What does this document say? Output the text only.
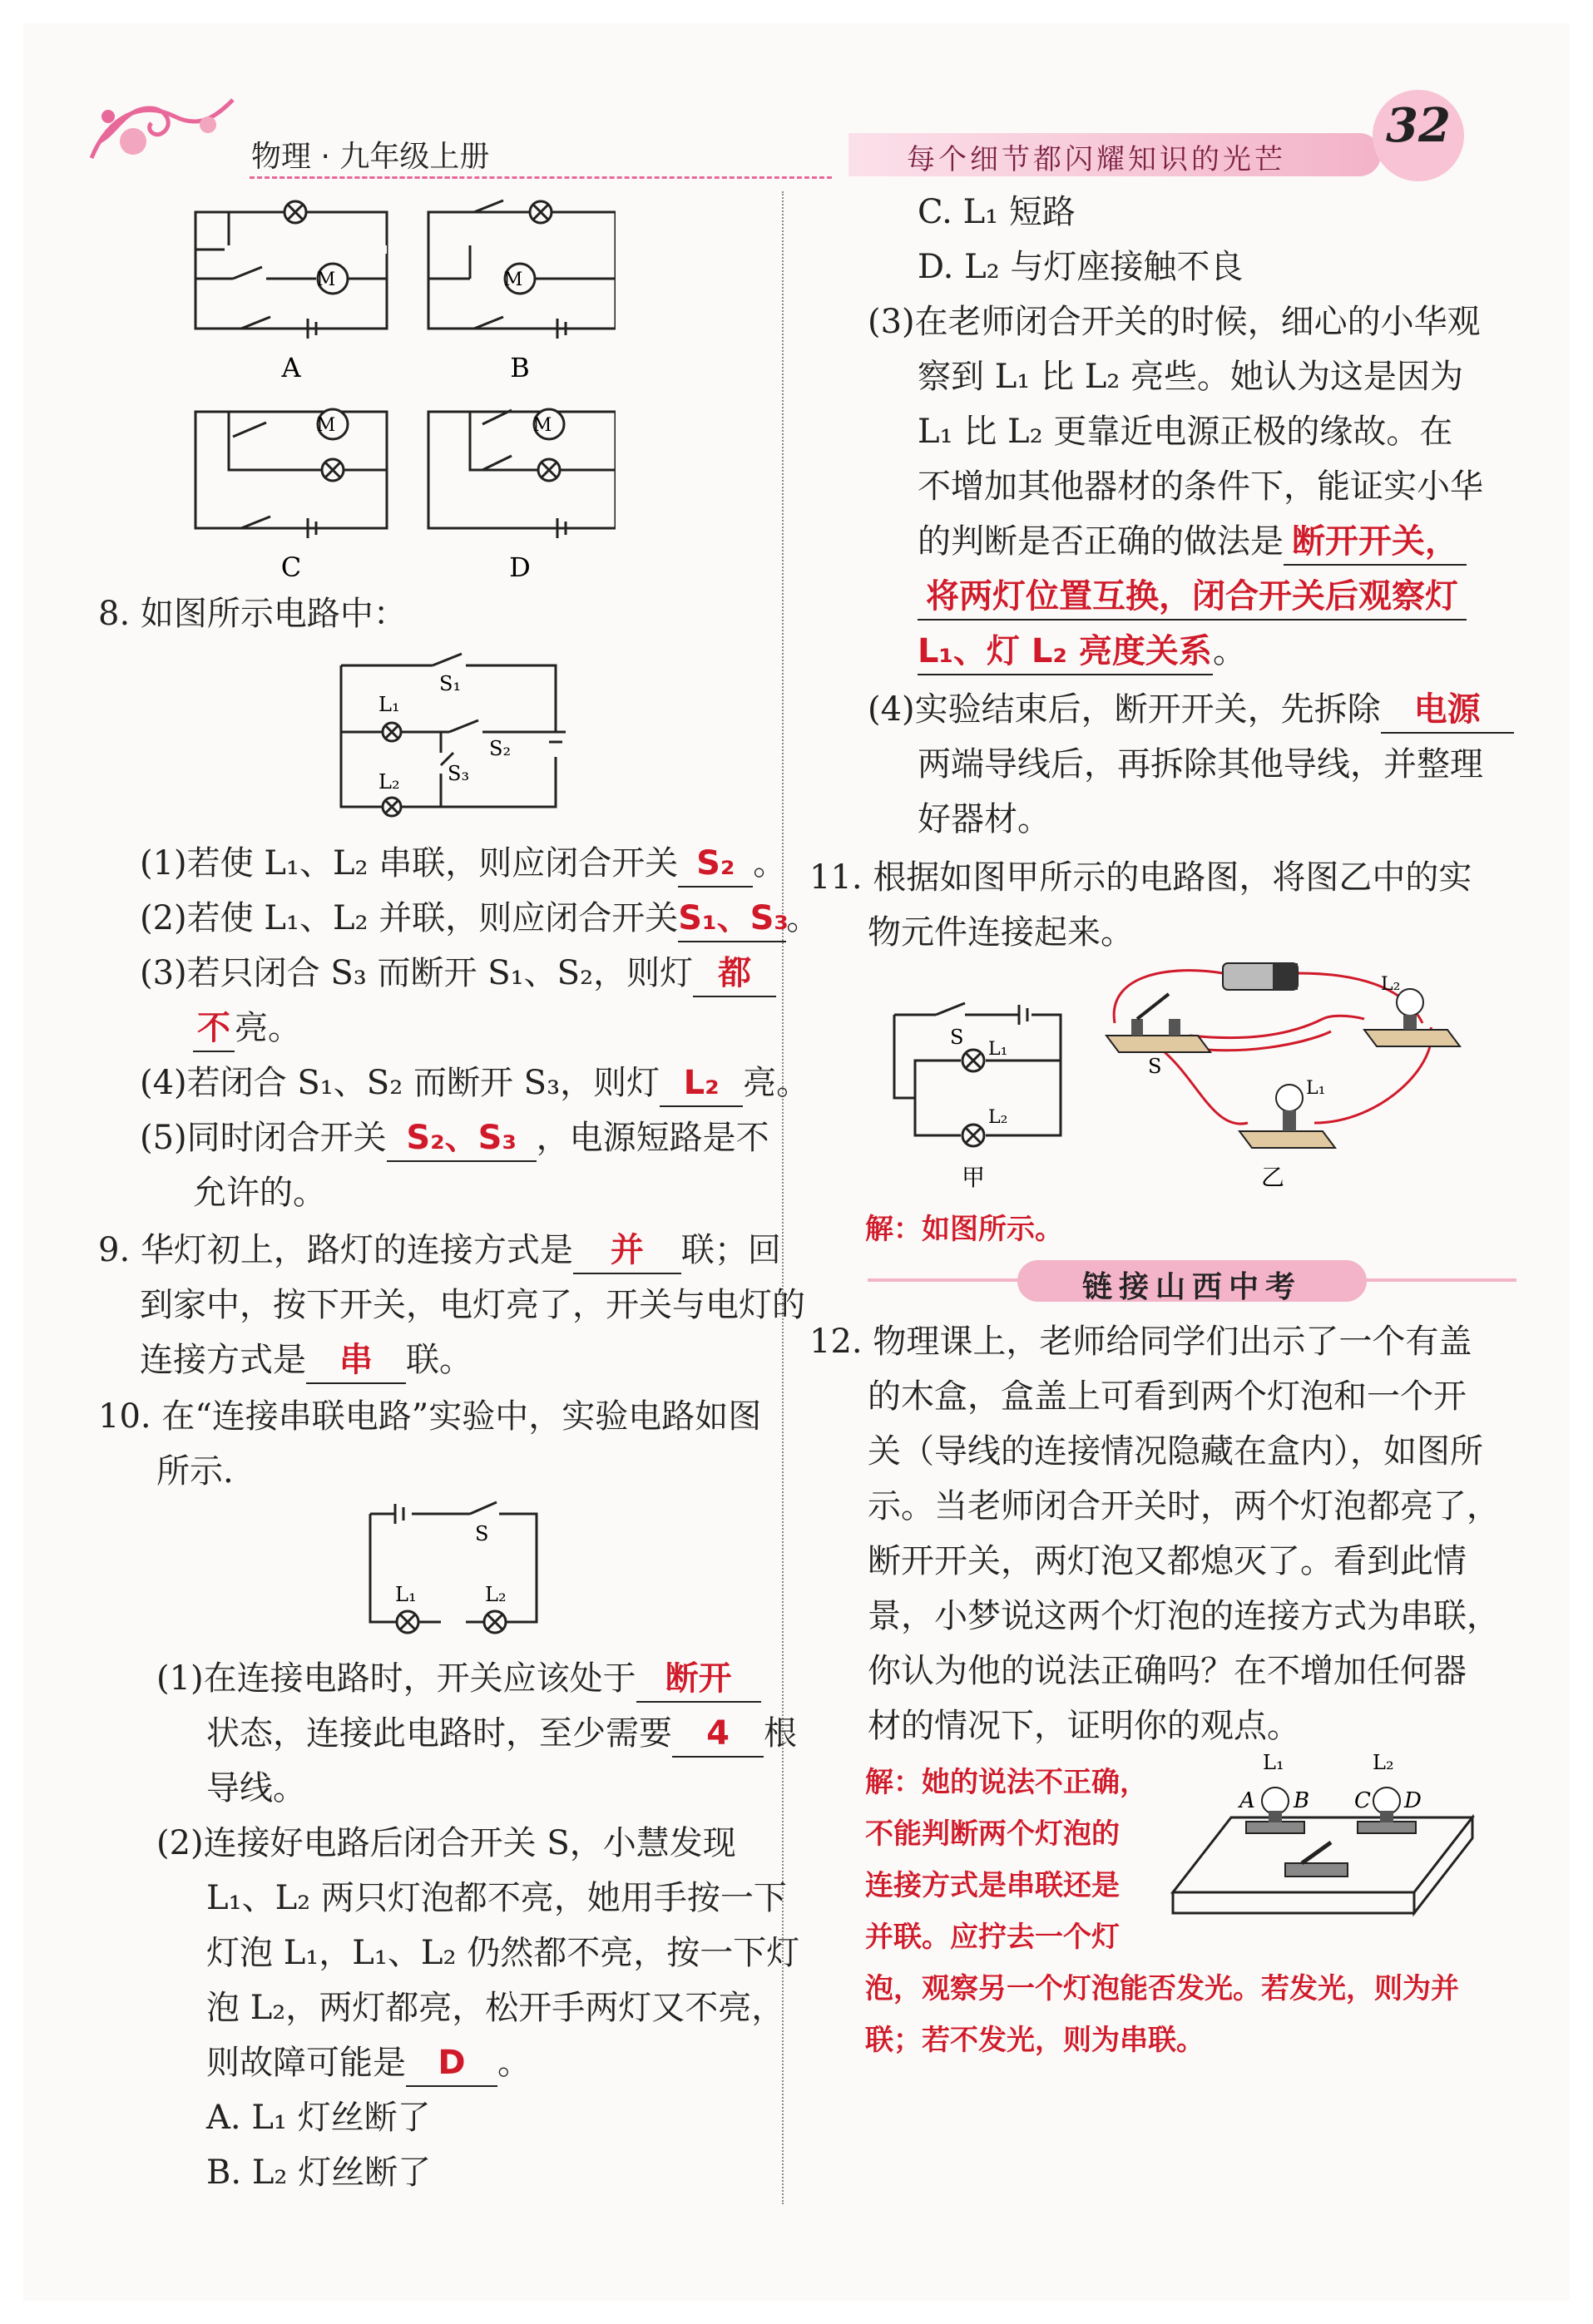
物理 · 九年级上册	每个细节都闪耀知识的光芒
32
M
A
M
B
M
C
M
D
8. 如图所示电路中：
S₁
L₁
L₂
S₂
S₃
(1)若使 L₁、L₂ 串联，则应闭合开关 S₂ 。
(2)若使 L₁、L₂ 并联，则应闭合开关S₁、S₃。
(3)若只闭合 S₃ 而断开 S₁、S₂，则灯 都
不 亮。
(4)若闭合 S₁、S₂ 而断开 S₃，则灯 L₂ 亮。
(5)同时闭合开关 S₂、S₃ ，电源短路是不
允许的。
9. 华灯初上，路灯的连接方式是 并 联；回
到家中，按下开关，电灯亮了，开关与电灯的
连接方式是 串 联。
10. 在“连接串联电路”实验中，实验电路如图
所示.
S
L₁	L₂
(1)在连接电路时，开关应该处于 断开
状态，连接此电路时，至少需要 4 根
导线。
(2)连接好电路后闭合开关 S，小慧发现
L₁、L₂ 两只灯泡都不亮，她用手按一下
灯泡 L₁，L₁、L₂ 仍然都不亮，按一下灯
泡 L₂，两灯都亮，松开手两灯又不亮，
则故障可能是 D 。
A. L₁ 灯丝断了
B. L₂ 灯丝断了
C. L₁ 短路
D. L₂ 与灯座接触不良
(3)在老师闭合开关的时候，细心的小华观
察到 L₁ 比 L₂ 亮些。她认为这是因为
L₁ 比 L₂ 更靠近电源正极的缘故。在
不增加其他器材的条件下，能证实小华
的判断是否正确的做法是 断开开关，
将两灯位置互换，闭合开关后观察灯
L₁、灯 L₂ 亮度关系。
(4)实验结束后，断开开关，先拆除 电源
两端导线后，再拆除其他导线，并整理
好器材。
11. 根据如图甲所示的电路图，将图乙中的实
物元件连接起来。
S
L₁
L₂
甲
S
L₂
L₁
乙
解：如图所示。
链接山西中考
12. 物理课上，老师给同学们出示了一个有盖
的木盒，盒盖上可看到两个灯泡和一个开
关（导线的连接情况隐藏在盒内），如图所
示。当老师闭合开关时，两个灯泡都亮了，
断开开关，两灯泡又都熄灭了。看到此情
景，小梦说这两个灯泡的连接方式为串联，
你认为他的说法正确吗？在不增加任何器
材的情况下，证明你的观点。
解：她的说法不正确，
不能判断两个灯泡的
连接方式是串联还是
并联。应拧去一个灯
泡，观察另一个灯泡能否发光。若发光，则为并
联；若不发光，则为串联。
L₁	L₂
A B C D
